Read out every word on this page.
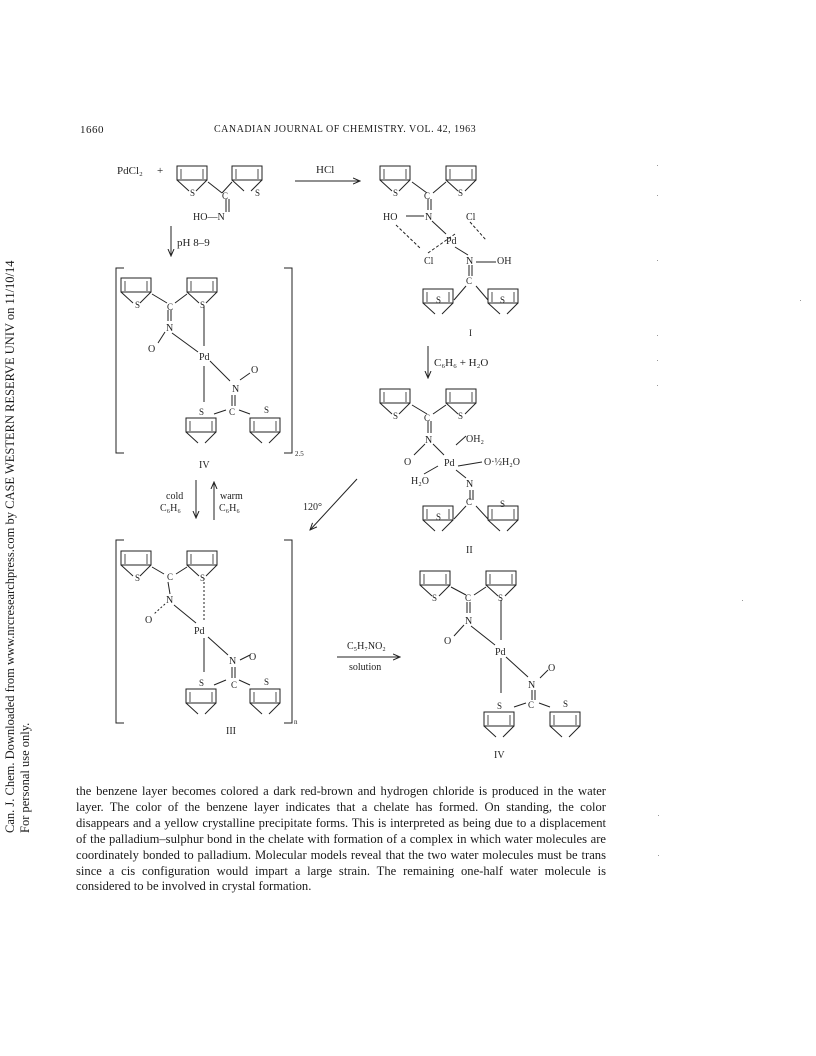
1660	CANADIAN JOURNAL OF CHEMISTRY. VOL. 42, 1963
Can. J. Chem. Downloaded from www.nrcresearchpress.com by CASE WESTERN RESERVE UNIV on 11/10/14 For personal use only.
PdCl₂ +
S	C	S
HO—N
HCl
pH 8–9
S	C	S
HO	N	Cl
Pd
Cl	N OH
C
S	S
I
C₆H₆ + H₂O
S	C	S
N
O
Pd
O
N
C
S	S
2.5
IV
cold
C₆H₆
warm
C₆H₆	120°
S	C	S
N	OH₂
O	Pd	O·½H₂O
H₂O	N
C
S
S
II
S	C	S
N
O
Pd
O
N
C
S	S
n
III
C₅H₇NO₂
solution
S	C	S
N
O
Pd
O
N
C
S	S
IV

the benzene layer becomes colored a dark red-brown and hydrogen chloride is produced in the water layer. The color of the benzene layer indicates that a chelate has formed. On standing, the color disappears and a yellow crystalline precipitate forms. This is interpreted as being due to a displacement of the palladium–sulphur bond in the chelate with formation of a complex in which water molecules are coordinately bonded to palladium. Molecular models reveal that the two water molecules must be trans since a cis configuration would impart a large strain. The remaining one-half water molecule is considered to be involved in crystal formation.
